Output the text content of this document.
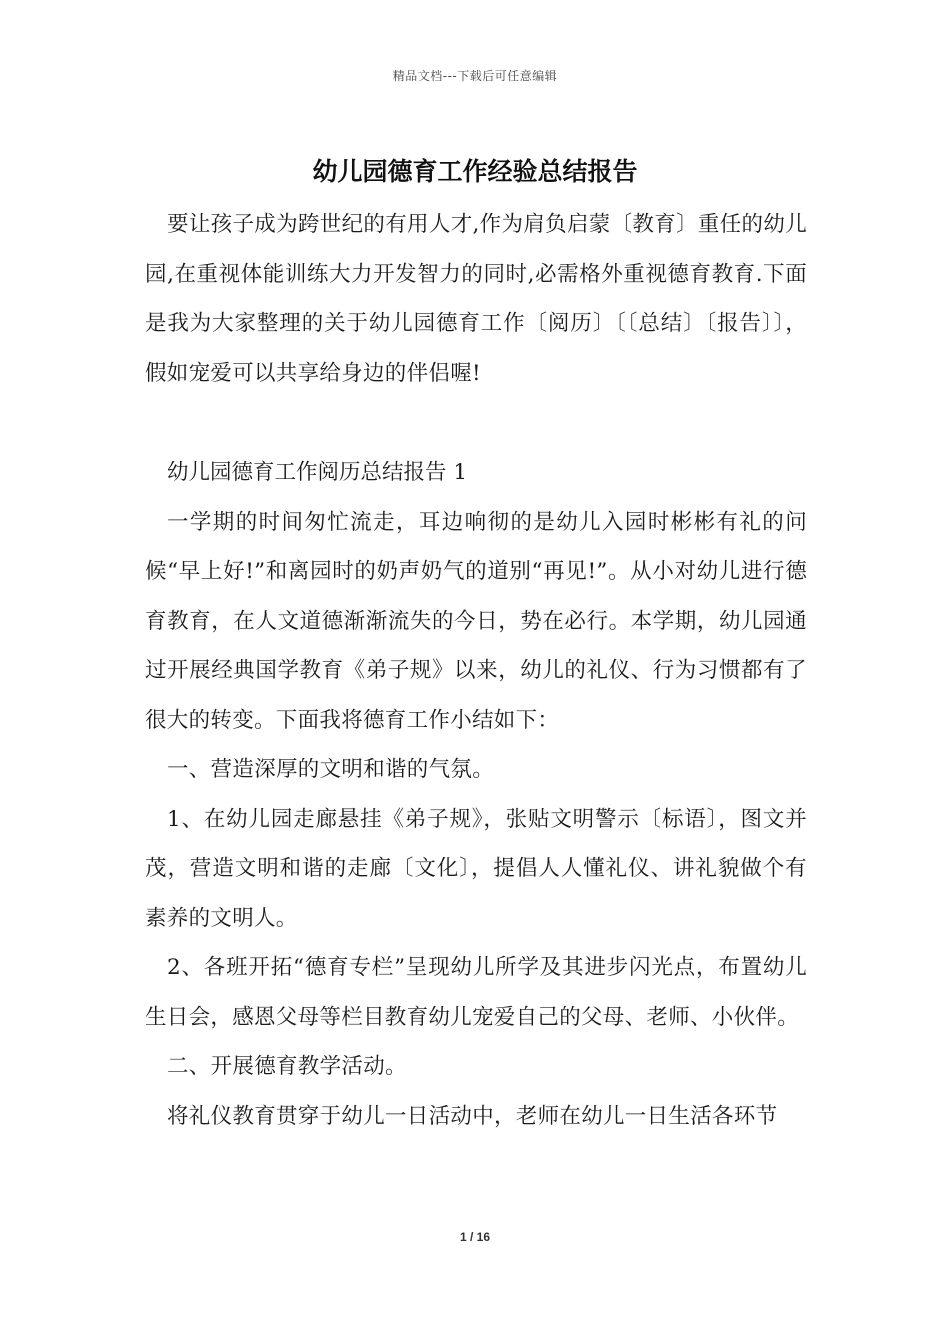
精品文档---下载后可任意编辑
幼儿园德育工作经验总结报告

要让孩子成为跨世纪的有用人才,作为肩负启蒙〔教育〕重任的幼儿园,在重视体能训练大力开发智力的同时,必需格外重视德育教育.下面是我为大家整理的关于幼儿园德育工作〔阅历〕〔〔总结〕〔报告〕〕，假如宠爱可以共享给身边的伴侣喔!

幼儿园德育工作阅历总结报告 1

一学期的时间匆忙流走，耳边响彻的是幼儿入园时彬彬有礼的问候“早上好!”和离园时的奶声奶气的道别“再见!”。从小对幼儿进行德育教育，在人文道德渐渐流失的今日，势在必行。本学期，幼儿园通过开展经典国学教育《弟子规》以来，幼儿的礼仪、行为习惯都有了很大的转变。下面我将德育工作小结如下：

一、营造深厚的文明和谐的气氛。

1、在幼儿园走廊悬挂《弟子规》，张贴文明警示〔标语〕，图文并茂，营造文明和谐的走廊〔文化〕，提倡人人懂礼仪、讲礼貌做个有素养的文明人。

2、各班开拓“德育专栏”呈现幼儿所学及其进步闪光点，布置幼儿生日会，感恩父母等栏目教育幼儿宠爱自己的父母、老师、小伙伴。

二、开展德育教学活动。

将礼仪教育贯穿于幼儿一日活动中，老师在幼儿一日生活各环节

1 / 16
